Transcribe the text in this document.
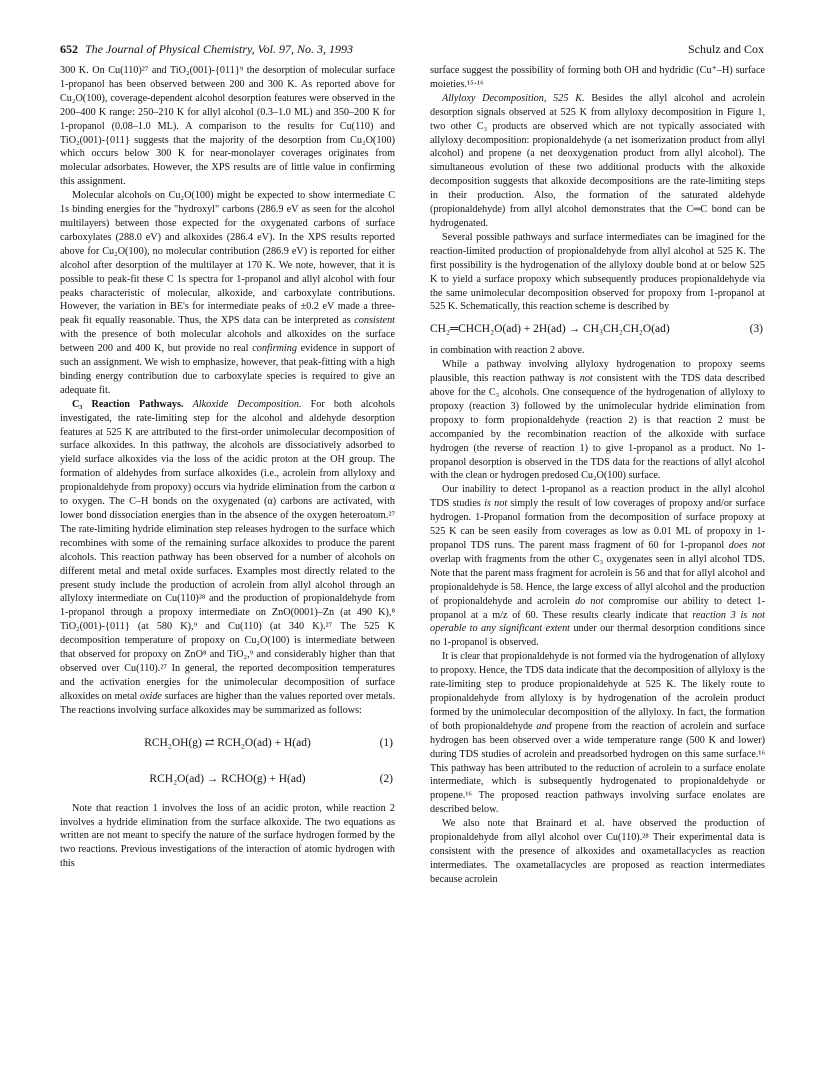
652 The Journal of Physical Chemistry, Vol. 97, No. 3, 1993	Schulz and Cox

300 K. On Cu(110)²⁷ and TiO₂(001)-{011}⁹ the desorption of molecular surface 1-propanol has been observed between 200 and 300 K. As reported above for Cu₂O(100), coverage-dependent alcohol desorption features were observed in the 200–400 K range: 250–210 K for allyl alcohol (0.3–1.0 ML) and 350–200 K for 1-propanol (0.08–1.0 ML). A comparison to the results for Cu(110) and TiO₂(001)-{011} suggests that the majority of the desorption from Cu₂O(100) which occurs below 300 K for near-monolayer coverages originates from molecular adsorbates. However, the XPS results are of little value in confirming this assignment.

Molecular alcohols on Cu₂O(100) might be expected to show intermediate C 1s binding energies for the "hydroxyl" carbons (286.9 eV as seen for the alcohol multilayers) between those expected for the oxygenated carbons of surface carboxylates (288.0 eV) and alkoxides (286.4 eV). In the XPS results reported above for Cu₂O(100), no molecular contribution (286.9 eV) is reported for either alcohol after desorption of the multilayer at 170 K. We note, however, that it is possible to peak-fit these C 1s spectra for 1-propanol and allyl alcohol with four peaks characteristic of molecular, alkoxide, and carboxylate contributions. However, the variation in BE's for intermediate peaks of ±0.2 eV made a three-peak fit equally reasonable. Thus, the XPS data can be interpreted as consistent with the presence of both molecular alcohols and alkoxides on the surface between 200 and 400 K, but provide no real confirming evidence in support of such an assignment. We wish to emphasize, however, that peak-fitting with a high binding energy contribution due to carboxylate species is required to give an adequate fit.

C₃ Reaction Pathways. Alkoxide Decomposition. For both alcohols investigated, the rate-limiting step for the alcohol and aldehyde desorption features at 525 K are attributed to the first-order unimolecular decomposition of surface alkoxides. In this pathway, the alcohols are dissociatively adsorbed to yield surface alkoxides via the loss of the acidic proton at the OH group. The formation of aldehydes from surface alkoxides (i.e., acrolein from allyloxy and propionaldehyde from propoxy) occurs via hydride elimination from the carbon α to oxygen. The C–H bonds on the oxygenated (α) carbons are activated, with lower bond dissociation energies than in the absence of the oxygen heteroatom.²⁷ The rate-limiting hydride elimination step releases hydrogen to the surface which recombines with some of the remaining surface alkoxides to produce the parent alcohols. This reaction pathway has been observed for a number of alcohols on different metal and metal oxide surfaces. Examples most directly related to the present study include the production of acrolein from allyl alcohol through an allyloxy intermediate on Cu(110)²⁸ and the production of propionaldehyde from 1-propanol through a propoxy intermediate on ZnO(0001)–Zn (at 490 K),⁸ TiO₂(001)-{011} (at 580 K),⁹ and Cu(110) (at 340 K).²⁷ The 525 K decomposition temperature of propoxy on Cu₂O(100) is intermediate between that observed for propoxy on ZnO⁸ and TiO₂,⁹ and considerably higher than that observed over Cu(110).²⁷ In general, the reported decomposition temperatures and the activation energies for the unimolecular decomposition of surface alkoxides on metal oxide surfaces are higher than the values reported over metals. The reactions involving surface alkoxides may be summarized as follows:

RCH₂OH(g) ⇄ RCH₂O(ad) + H(ad)	(1)
RCH₂O(ad) → RCHO(g) + H(ad)	(2)

Note that reaction 1 involves the loss of an acidic proton, while reaction 2 involves a hydride elimination from the surface alkoxide. The two equations as written are not meant to specify the nature of the surface hydrogen formed by the two reactions. Previous investigations of the interaction of atomic hydrogen with this

surface suggest the possibility of forming both OH and hydridic (Cu⁺–H) surface moieties.¹⁵·¹⁶

Allyloxy Decomposition, 525 K. Besides the allyl alcohol and acrolein desorption signals observed at 525 K from allyloxy decomposition in Figure 1, two other C₃ products are observed which are not typically associated with allyloxy decomposition: propionaldehyde (a net isomerization product from allyl alcohol) and propene (a net deoxygenation product from allyl alcohol). The simultaneous evolution of these two additional products with the alkoxide decomposition suggests that alkoxide decompositions are the rate-limiting steps in their production. Also, the formation of the saturated aldehyde (propionaldehyde) from allyl alcohol demonstrates that the C═C bond can be hydrogenated.

Several possible pathways and surface intermediates can be imagined for the reaction-limited production of propionaldehyde from allyl alcohol at 525 K. The first possibility is the hydrogenation of the allyloxy double bond at or below 525 K to yield a surface propoxy which subsequently produces propionaldehyde via the same unimolecular decomposition observed for propoxy from 1-propanol at 525 K. Schematically, this reaction scheme is described by

CH₂═CHCH₂O(ad) + 2H(ad) → CH₃CH₂CH₂O(ad)	(3)

in combination with reaction 2 above.

While a pathway involving allyloxy hydrogenation to propoxy seems plausible, this reaction pathway is not consistent with the TDS data described above for the C₃ alcohols. One consequence of the hydrogenation of allyloxy to propoxy (reaction 3) followed by the unimolecular hydride elimination from propoxy to form propionaldehyde (reaction 2) is that reaction 2 must be accompanied by the recombination reaction of the alkoxide with surface hydrogen (the reverse of reaction 1) to give 1-propanol as a product. No 1-propanol desorption is observed in the TDS data for the reactions of allyl alcohol with the clean or hydrogen predosed Cu₂O(100) surface.

Our inability to detect 1-propanol as a reaction product in the allyl alcohol TDS studies is not simply the result of low coverages of propoxy and/or surface hydrogen. 1-Propanol formation from the decomposition of surface propoxy at 525 K can be seen easily from coverages as low as 0.01 ML of propoxy in 1-propanol TDS runs. The parent mass fragment of 60 for 1-propanol does not overlap with fragments from the other C₃ oxygenates seen in allyl alcohol TDS. Note that the parent mass fragment for acrolein is 56 and that for allyl alcohol and propionaldehyde is 58. Hence, the large excess of allyl alcohol and the production of propionaldehyde and acrolein do not compromise our ability to detect 1-propanol at a m/z of 60. These results clearly indicate that reaction 3 is not operable to any significant extent under our thermal desorption conditions since no 1-propanol is observed.

It is clear that propionaldehyde is not formed via the hydrogenation of allyloxy to propoxy. Hence, the TDS data indicate that the decomposition of allyloxy is the rate-limiting step to produce propionaldehyde at 525 K. The likely route to propionaldehyde from allyloxy is by hydrogenation of the acrolein product formed by the unimolecular decomposition of the allyloxy. In fact, the formation of both propionaldehyde and propene from the reaction of acrolein and surface hydrogen has been observed over a wide temperature range (500 K and lower) during TDS studies of acrolein and preadsorbed hydrogen on this same surface.¹⁶ This pathway has been attributed to the reduction of acrolein to a surface enolate intermediate, which is subsequently hydrogenated to propionaldehyde or propene.¹⁶ The proposed reaction pathways involving surface enolates are described below.

We also note that Brainard et al. have observed the production of propionaldehyde from allyl alcohol over Cu(110).²⁸ Their experimental data is consistent with the presence of alkoxides and oxametallacycles as reaction intermediates. The oxametallacycles are proposed as reaction intermediates because acrolein
